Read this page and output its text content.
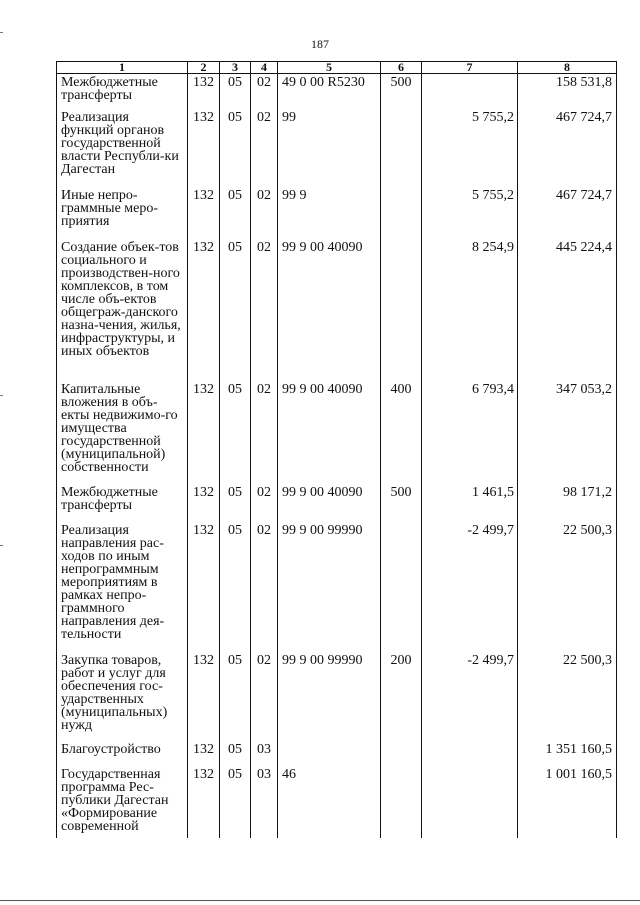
187
1	2	3	4	5	6	7	8
Межбюджетные трансферты	132	05	02	49 0 00 R5230	500		158 531,8
Реализация функций органов государственной власти Республи-ки Дагестан	132	05	02	99		5 755,2	467 724,7
Иные непро-граммные меро-приятия	132	05	02	99 9		5 755,2	467 724,7
Создание объек-тов социального и производствен-ного комплексов, в том числе объ-ектов общеграж-данского назна-чения, жилья, инфраструктуры, и иных объектов	132	05	02	99 9 00 40090		8 254,9	445 224,4
Капитальные вложения в объ-екты недвижимо-го имущества государственной (муниципальной) собственности	132	05	02	99 9 00 40090	400	6 793,4	347 053,2
Межбюджетные трансферты	132	05	02	99 9 00 40090	500	1 461,5	98 171,2
Реализация направления рас-ходов по иным непрограммным мероприятиям в рамках непро-граммного направления дея-тельности	132	05	02	99 9 00 99990		-2 499,7	22 500,3
Закупка товаров, работ и услуг для обеспечения гос-ударственных (муниципальных) нужд	132	05	02	99 9 00 99990	200	-2 499,7	22 500,3
Благоустройство	132	05	03				1 351 160,5
Государственная программа Рес-публики Дагестан «Формирование современной	132	05	03	46			1 001 160,5
